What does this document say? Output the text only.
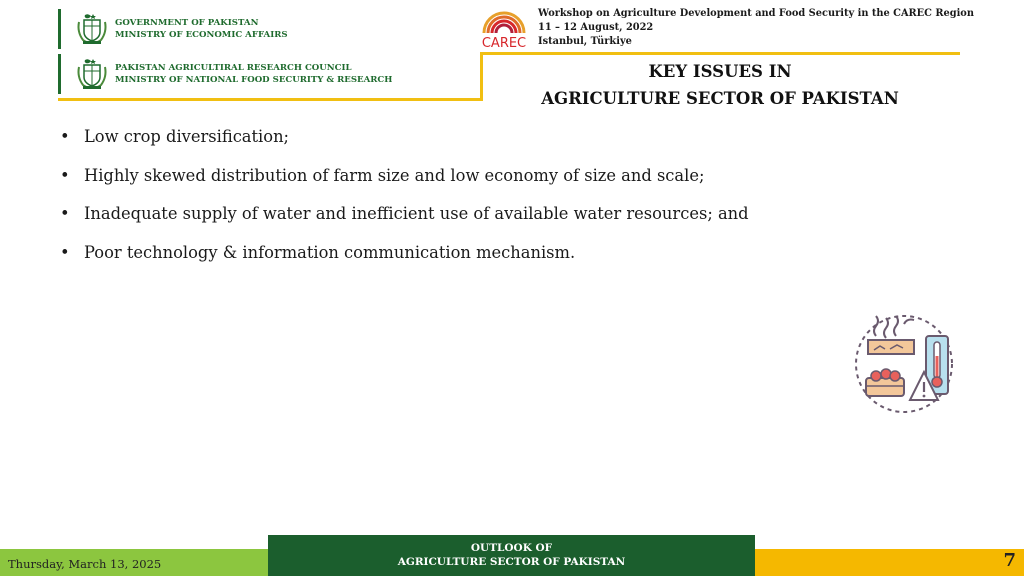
GOVERNMENT OF PAKISTAN
MINISTRY OF ECONOMIC AFFAIRS
PAKISTAN AGRICULTIRAL RESEARCH COUNCIL
MINISTRY OF NATIONAL FOOD SECURITY & RESEARCH
CAREC
Workshop on Agriculture Development and Food Security in the CAREC Region
11 – 12 August, 2022
Istanbul, Türkiye
KEY ISSUES IN
AGRICULTURE SECTOR OF PAKISTAN
• Low crop diversification;
• Highly skewed distribution of farm size and low economy of size and scale;
• Inadequate supply of water and inefficient use of available water resources; and
• Poor technology & information communication mechanism.
Thursday, March 13, 2025
OUTLOOK OF
AGRICULTURE SECTOR OF PAKISTAN	7
